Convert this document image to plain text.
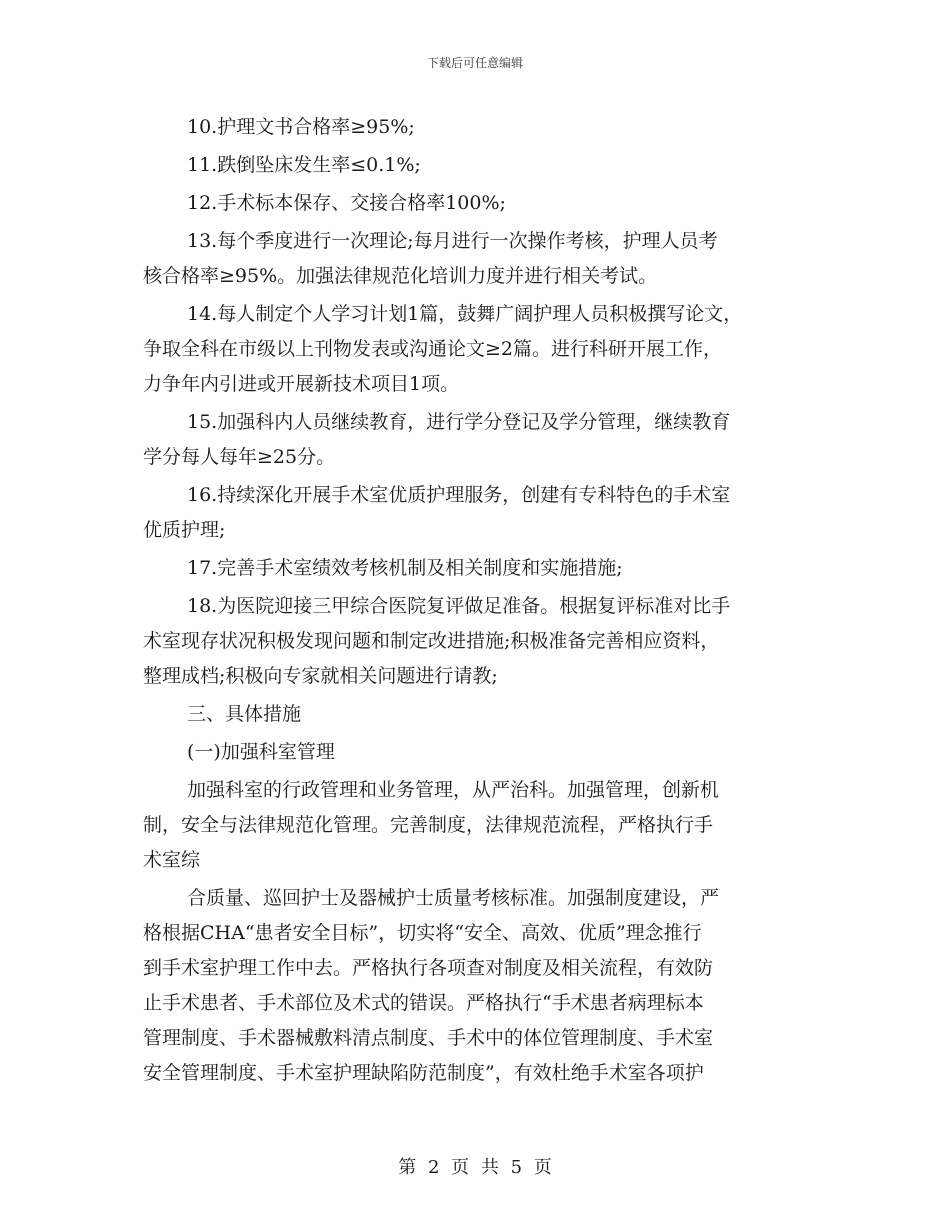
下载后可任意编辑
10.护理文书合格率≥95%;
11.跌倒坠床发生率≤0.1%;
12.手术标本保存、交接合格率100%;
13.每个季度进行一次理论;每月进行一次操作考核，护理人员考
核合格率≥95%。加强法律规范化培训力度并进行相关考试。
14.每人制定个人学习计划1篇，鼓舞广阔护理人员积极撰写论文，
争取全科在市级以上刊物发表或沟通论文≥2篇。进行科研开展工作，
力争年内引进或开展新技术项目1项。
15.加强科内人员继续教育，进行学分登记及学分管理，继续教育
学分每人每年≥25分。
16.持续深化开展手术室优质护理服务，创建有专科特色的手术室
优质护理;
17.完善手术室绩效考核机制及相关制度和实施措施;
18.为医院迎接三甲综合医院复评做足准备。根据复评标准对比手
术室现存状况积极发现问题和制定改进措施;积极准备完善相应资料，
整理成档;积极向专家就相关问题进行请教;
三、具体措施
(一)加强科室管理
加强科室的行政管理和业务管理，从严治科。加强管理，创新机
制，安全与法律规范化管理。完善制度，法律规范流程，严格执行手
术室综
合质量、巡回护士及器械护士质量考核标准。加强制度建设，严
格根据CHA“患者安全目标”，切实将“安全、高效、优质”理念推行
到手术室护理工作中去。严格执行各项查对制度及相关流程，有效防
止手术患者、手术部位及术式的错误。严格执行“手术患者病理标本
管理制度、手术器械敷料清点制度、手术中的体位管理制度、手术室
安全管理制度、手术室护理缺陷防范制度”，有效杜绝手术室各项护
第 2 页 共 5 页
